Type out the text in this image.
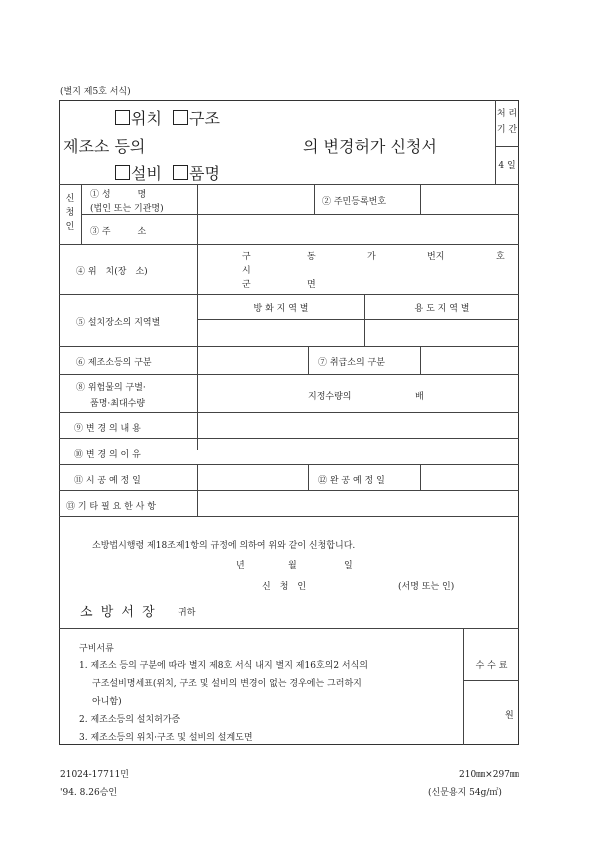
(별지 제5호 서식)
위치 구조
제조소 등의	의 변경허가 신청서
설비 품명
처 리
기 간
4 일
신
청
인
① 성　　　명
(법인 또는 기관명)
② 주민등록번호
③ 주　　　소
④ 위　치(장　소)
구	동	가	번지	호
시
군	면
⑤ 설치장소의 지역별
방 화 지 역 별	용 도 지 역 별
⑥ 제조소등의 구분	⑦ 취급소의 구분
⑧ 위험물의 구별·
품명·최대수량
지정수량의	배
⑨ 변 경 의 내 용
⑩ 변 경 의 이 유
⑪ 시 공 예 정 일	⑫ 완 공 예 정 일
⑬ 기 타 필 요 한 사 항
소방법시행령 제18조제1항의 규정에 의하여 위와 같이 신청합니다.
년	월	일
신　청　인	(서명 또는 인)
소 방 서 장 귀하
구비서류
1. 제조소 등의 구분에 따라 별지 제8호 서식 내지 별지 제16호의2 서식의
구조설비명세표(위치, 구조 및 설비의 변경이 없는 경우에는 그러하지
아니함)
2. 제조소등의 설치허가증
3. 제조소등의 위치·구조 및 설비의 설계도면
수 수 료
원
21024-17711민
'94. 8.26승인
210㎜×297㎜
(신문용지 54g/㎡)
